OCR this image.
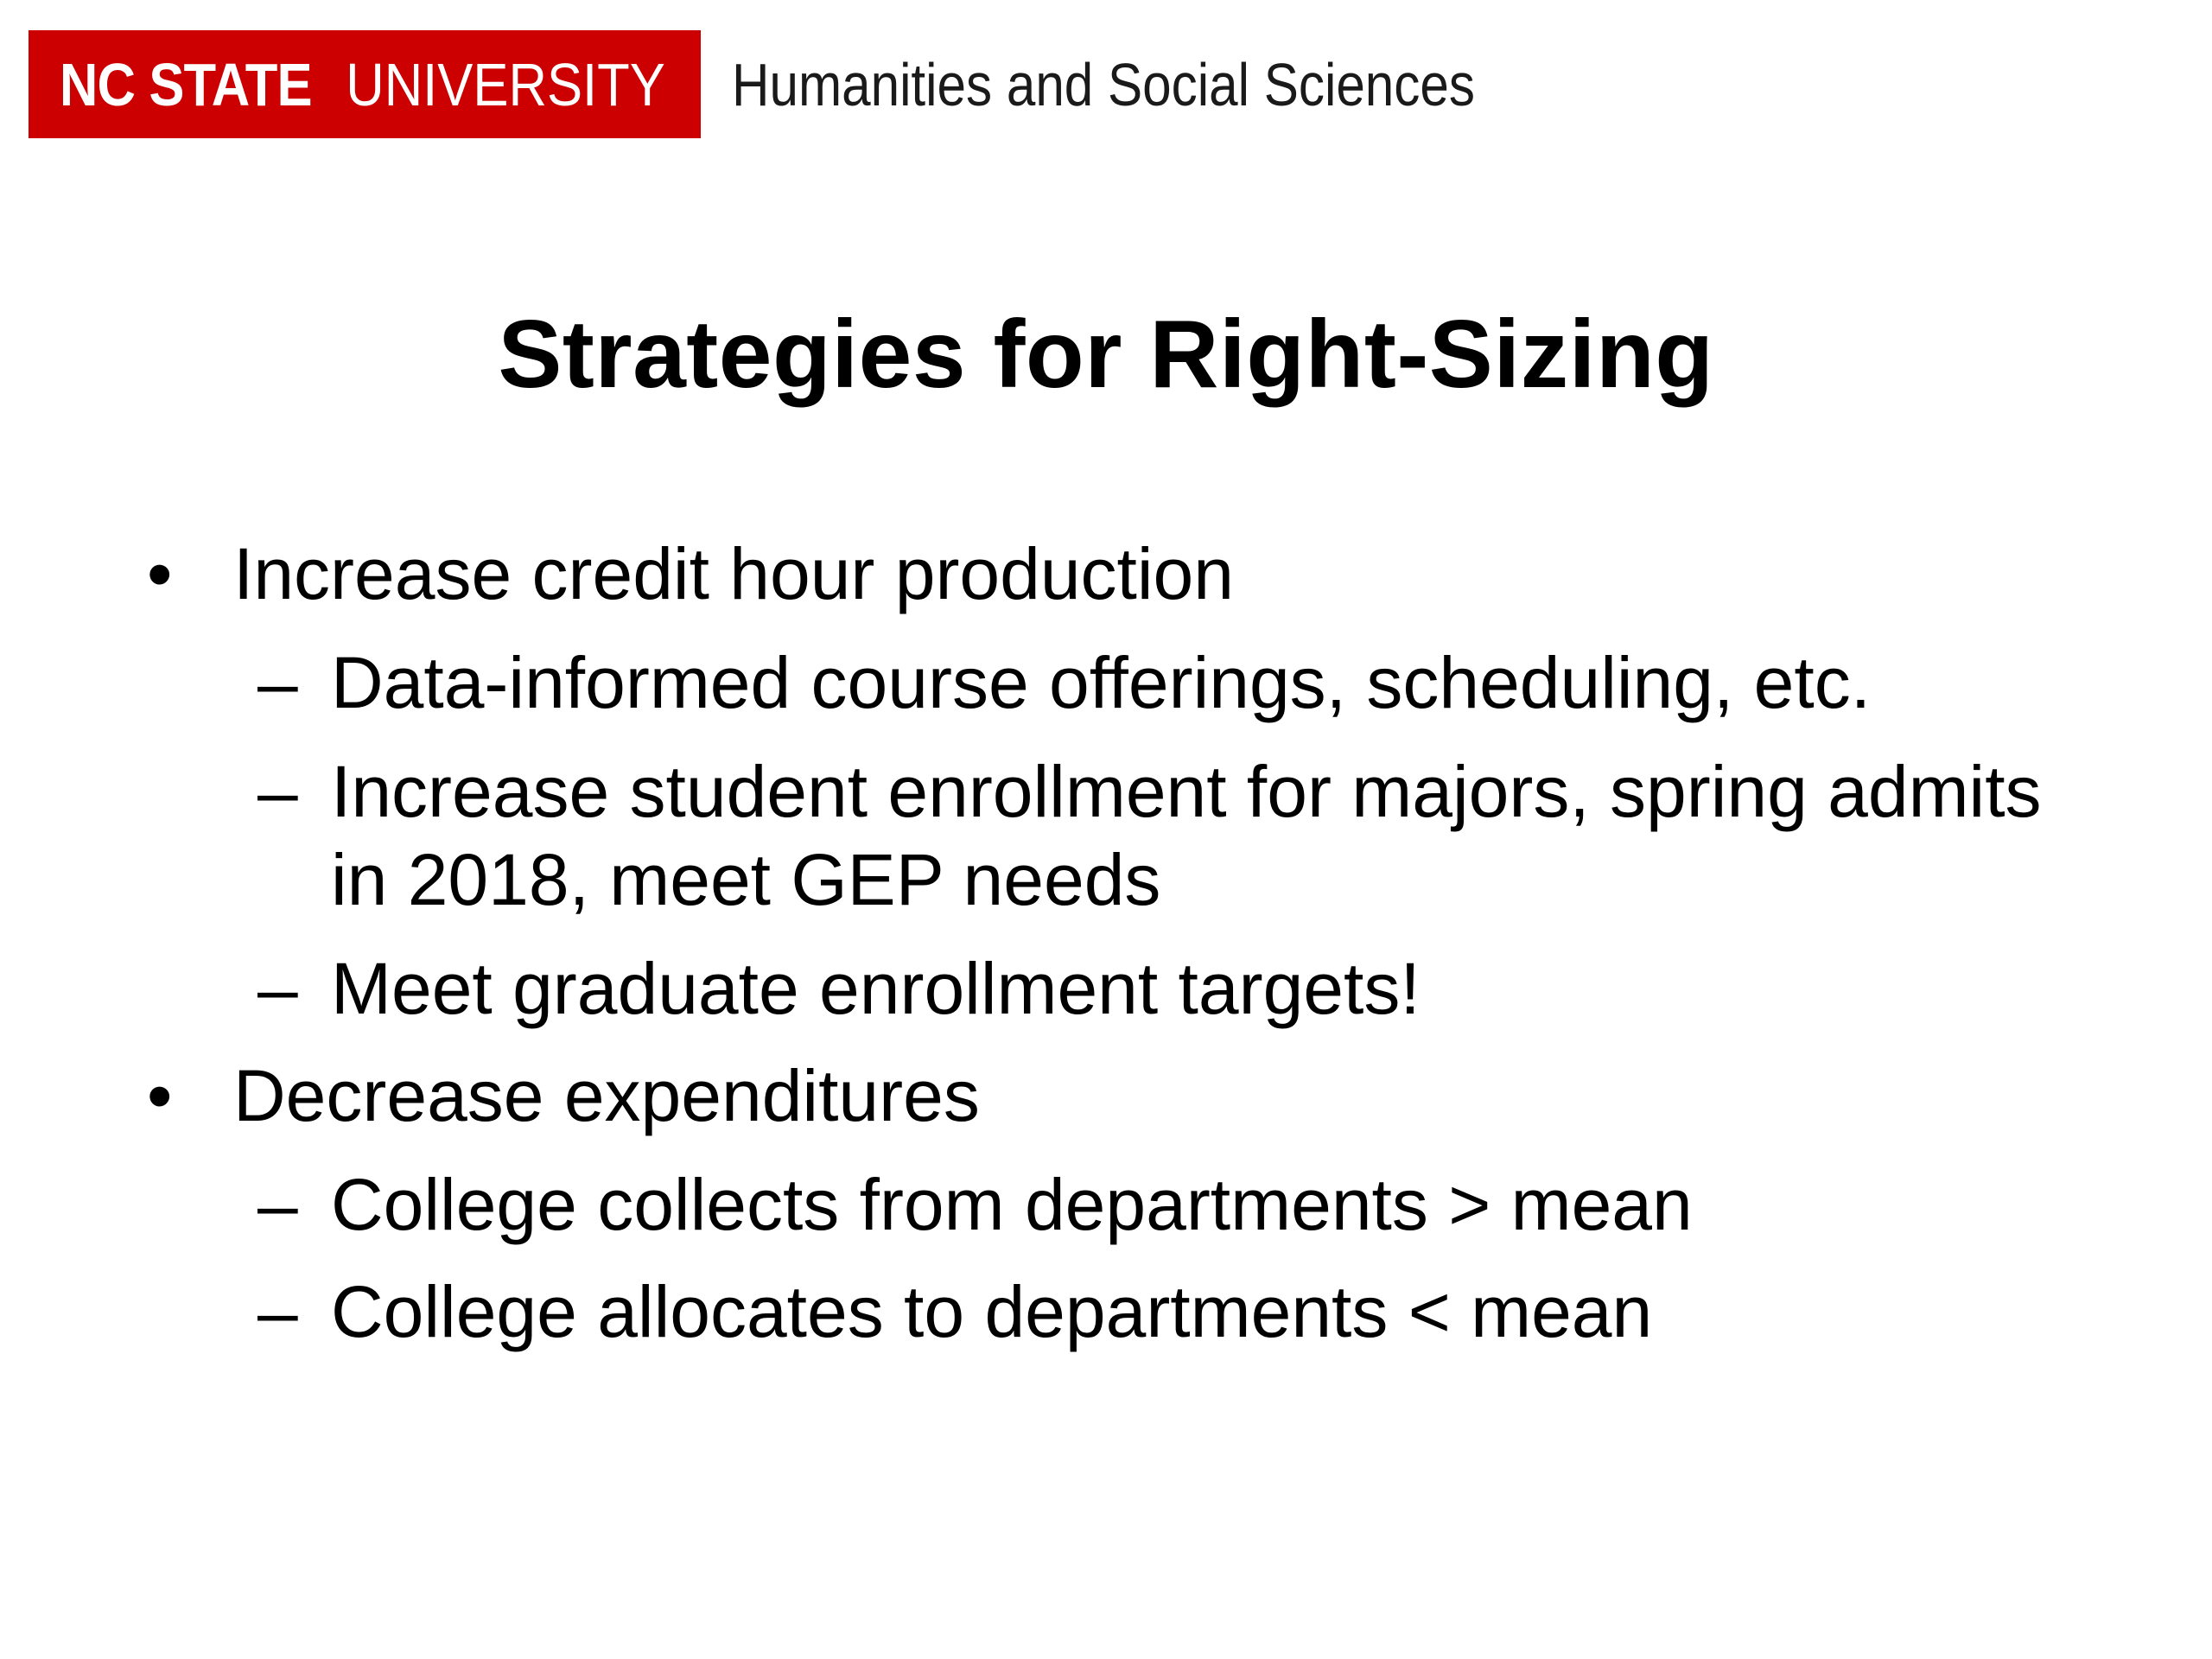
NC STATE UNIVERSITY Humanities and Social Sciences
Strategies for Right-Sizing
• Increase credit hour production
– Data-informed course offerings, scheduling, etc.
– Increase student enrollment for majors, spring admits
in 2018, meet GEP needs
– Meet graduate enrollment targets!
• Decrease expenditures
– College collects from departments > mean
– College allocates to departments < mean
